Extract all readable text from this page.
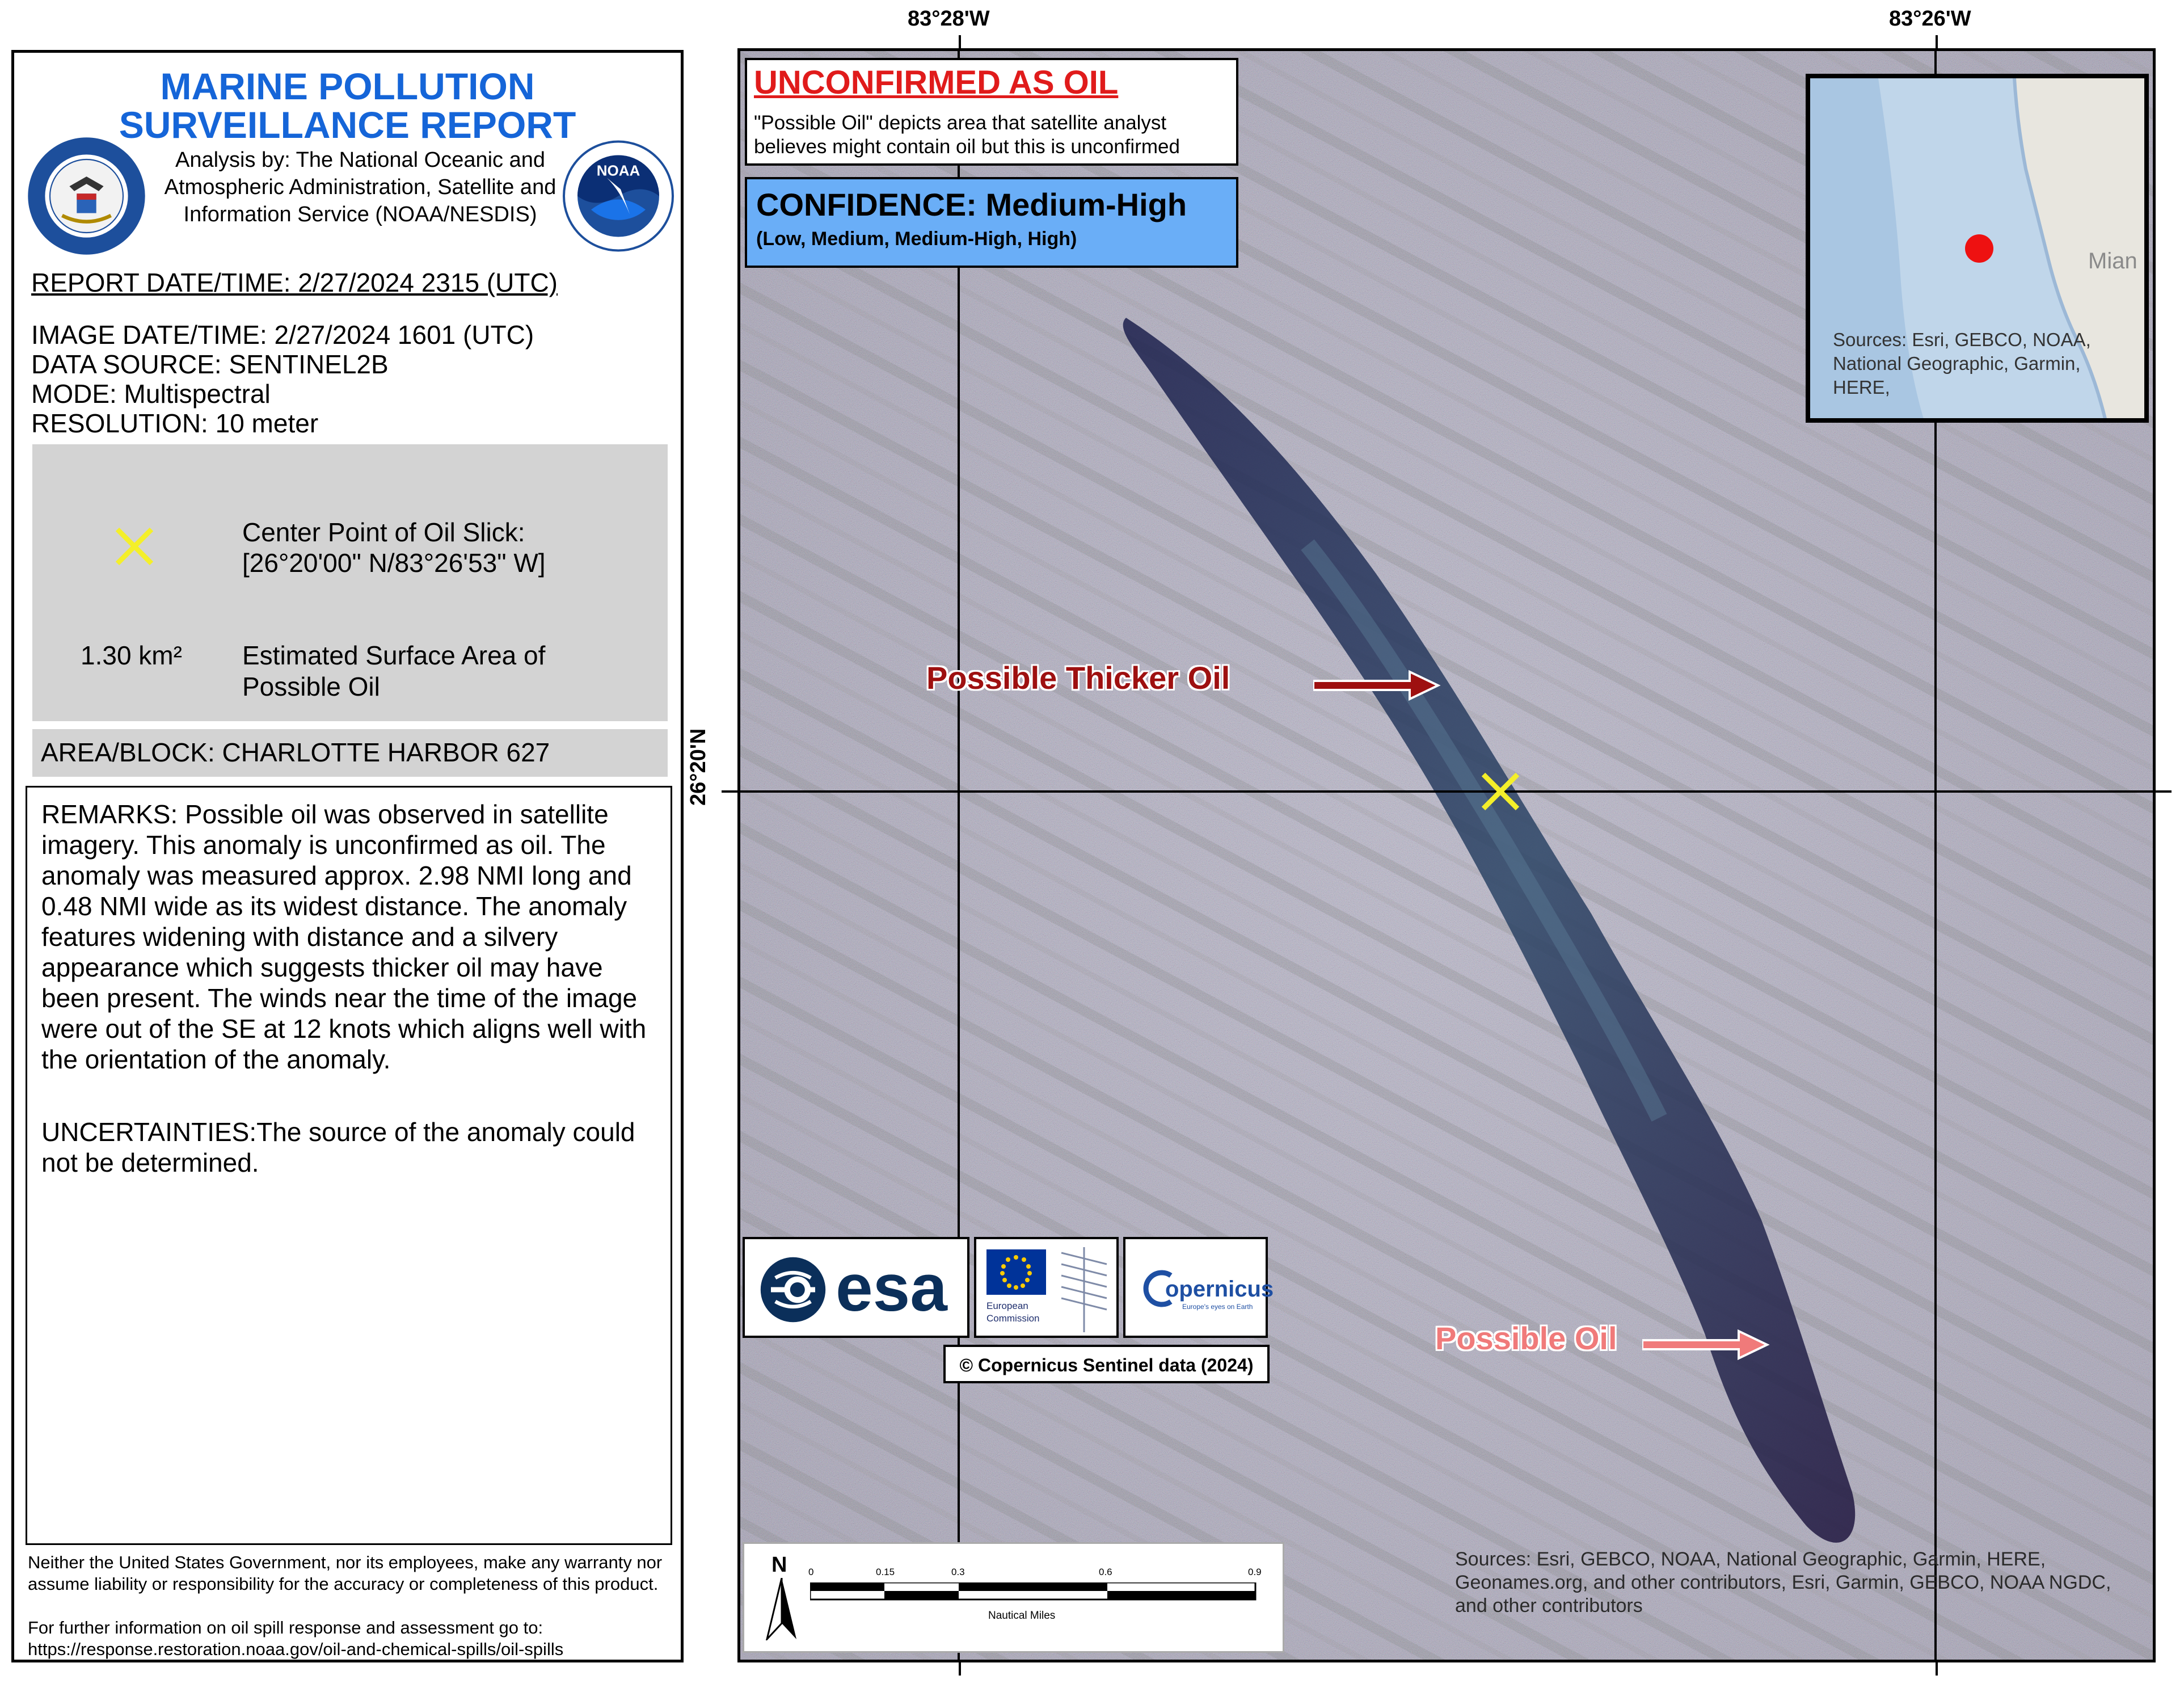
MARINE POLLUTION
SURVEILLANCE REPORT
Analysis by: The National Oceanic and
Atmospheric Administration, Satellite and
Information Service (NOAA/NESDIS)
NOAA
REPORT DATE/TIME: 2/27/2024 2315 (UTC)
IMAGE DATE/TIME: 2/27/2024 1601 (UTC)
DATA SOURCE: SENTINEL2B
MODE: Multispectral
RESOLUTION: 10 meter
Center Point of Oil Slick:
[26°20'00" N/83°26'53" W]
1.30 km² Estimated Surface Area of
Possible Oil
AREA/BLOCK: CHARLOTTE HARBOR 627
REMARKS: Possible oil was observed in satellite imagery. This anomaly is unconfirmed as oil. The anomaly was measured approx. 2.98 NMI long and 0.48 NMI wide as its widest distance. The anomaly features widening with distance and a silvery appearance which suggests thicker oil may have been present. The winds near the time of the image were out of the SE at 12 knots which aligns well with the orientation of the anomaly.
UNCERTAINTIES:The source of the anomaly could not be determined.
Neither the United States Government, nor its employees, make any warranty nor assume liability or responsibility for the accuracy or completeness of this product.
For further information on oil spill response and assessment go to:
https://response.restoration.noaa.gov/oil-and-chemical-spills/oil-spills
83°28'W	83°26'W
26°20'N
UNCONFIRMED AS OIL
"Possible Oil" depicts area that satellite analyst
believes might contain oil but this is unconfirmed
CONFIDENCE: Medium-High
(Low, Medium, Medium-High, High)
Mian
Sources: Esri, GEBCO, NOAA, National Geographic, Garmin, HERE,
Possible Thicker Oil
Possible Oil
esa	European
Commission
opernicus
Europe's eyes on Earth
© Copernicus Sentinel data (2024)
N 0	0.15	0.3	0.6	0.9
Nautical Miles
Sources: Esri, GEBCO, NOAA, National Geographic, Garmin, HERE, Geonames.org, and other contributors, Esri, Garmin, GEBCO, NOAA NGDC, and other contributors
